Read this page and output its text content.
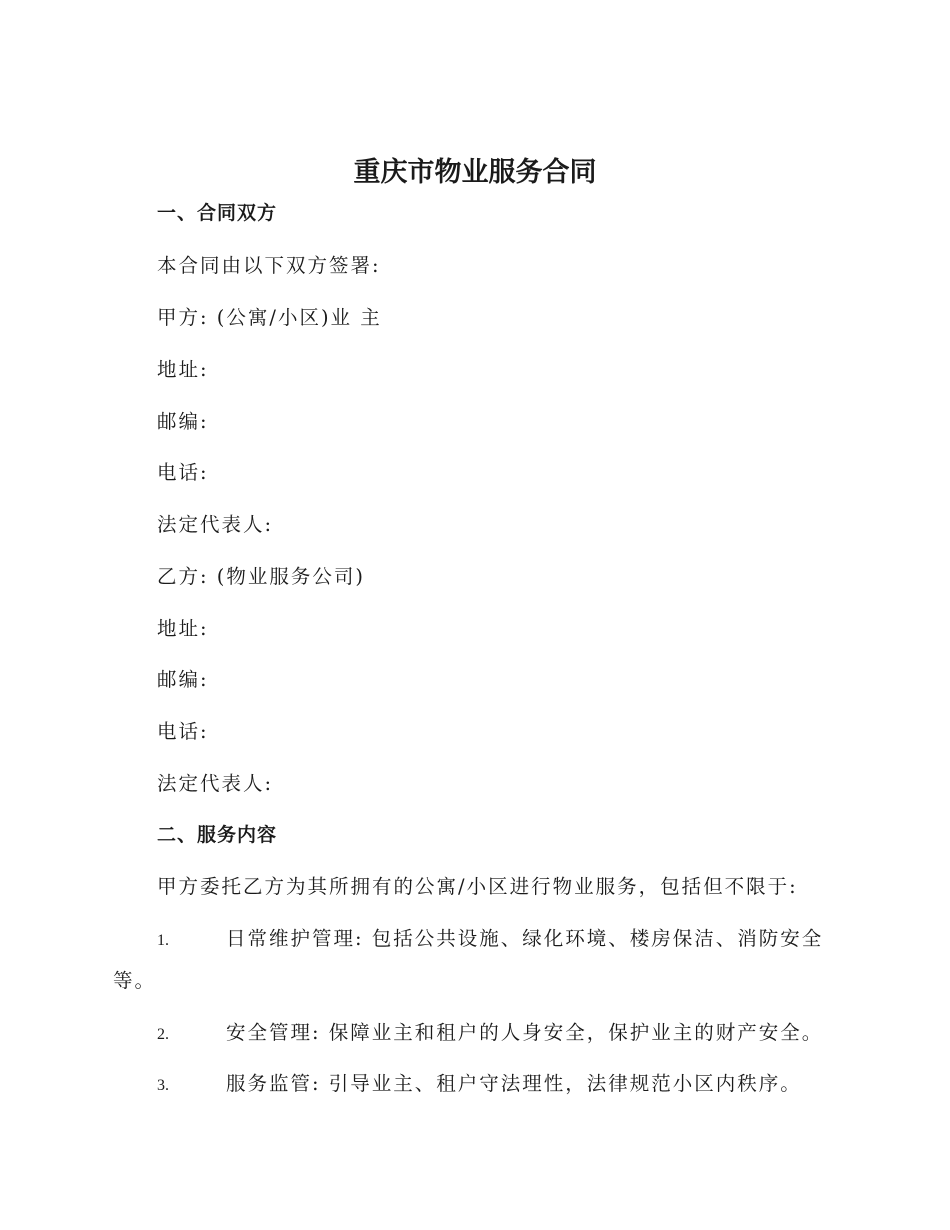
重庆市物业服务合同
一、合同双方
本合同由以下双方签署:
甲方: (公寓/小区)业 主
地址:
邮编:
电话:
法定代表人:
乙方: (物业服务公司)
地址:
邮编:
电话:
法定代表人:
二、服务内容
甲方委托乙方为其所拥有的公寓/小区进行物业服务，包括但不限于:
1.	日常维护管理: 包括公共设施、绿化环境、楼房保洁、消防安全
等。
2.	安全管理: 保障业主和租户的人身安全，保护业主的财产安全。
3.	服务监管: 引导业主、租户守法理性，法律规范小区内秩序。
